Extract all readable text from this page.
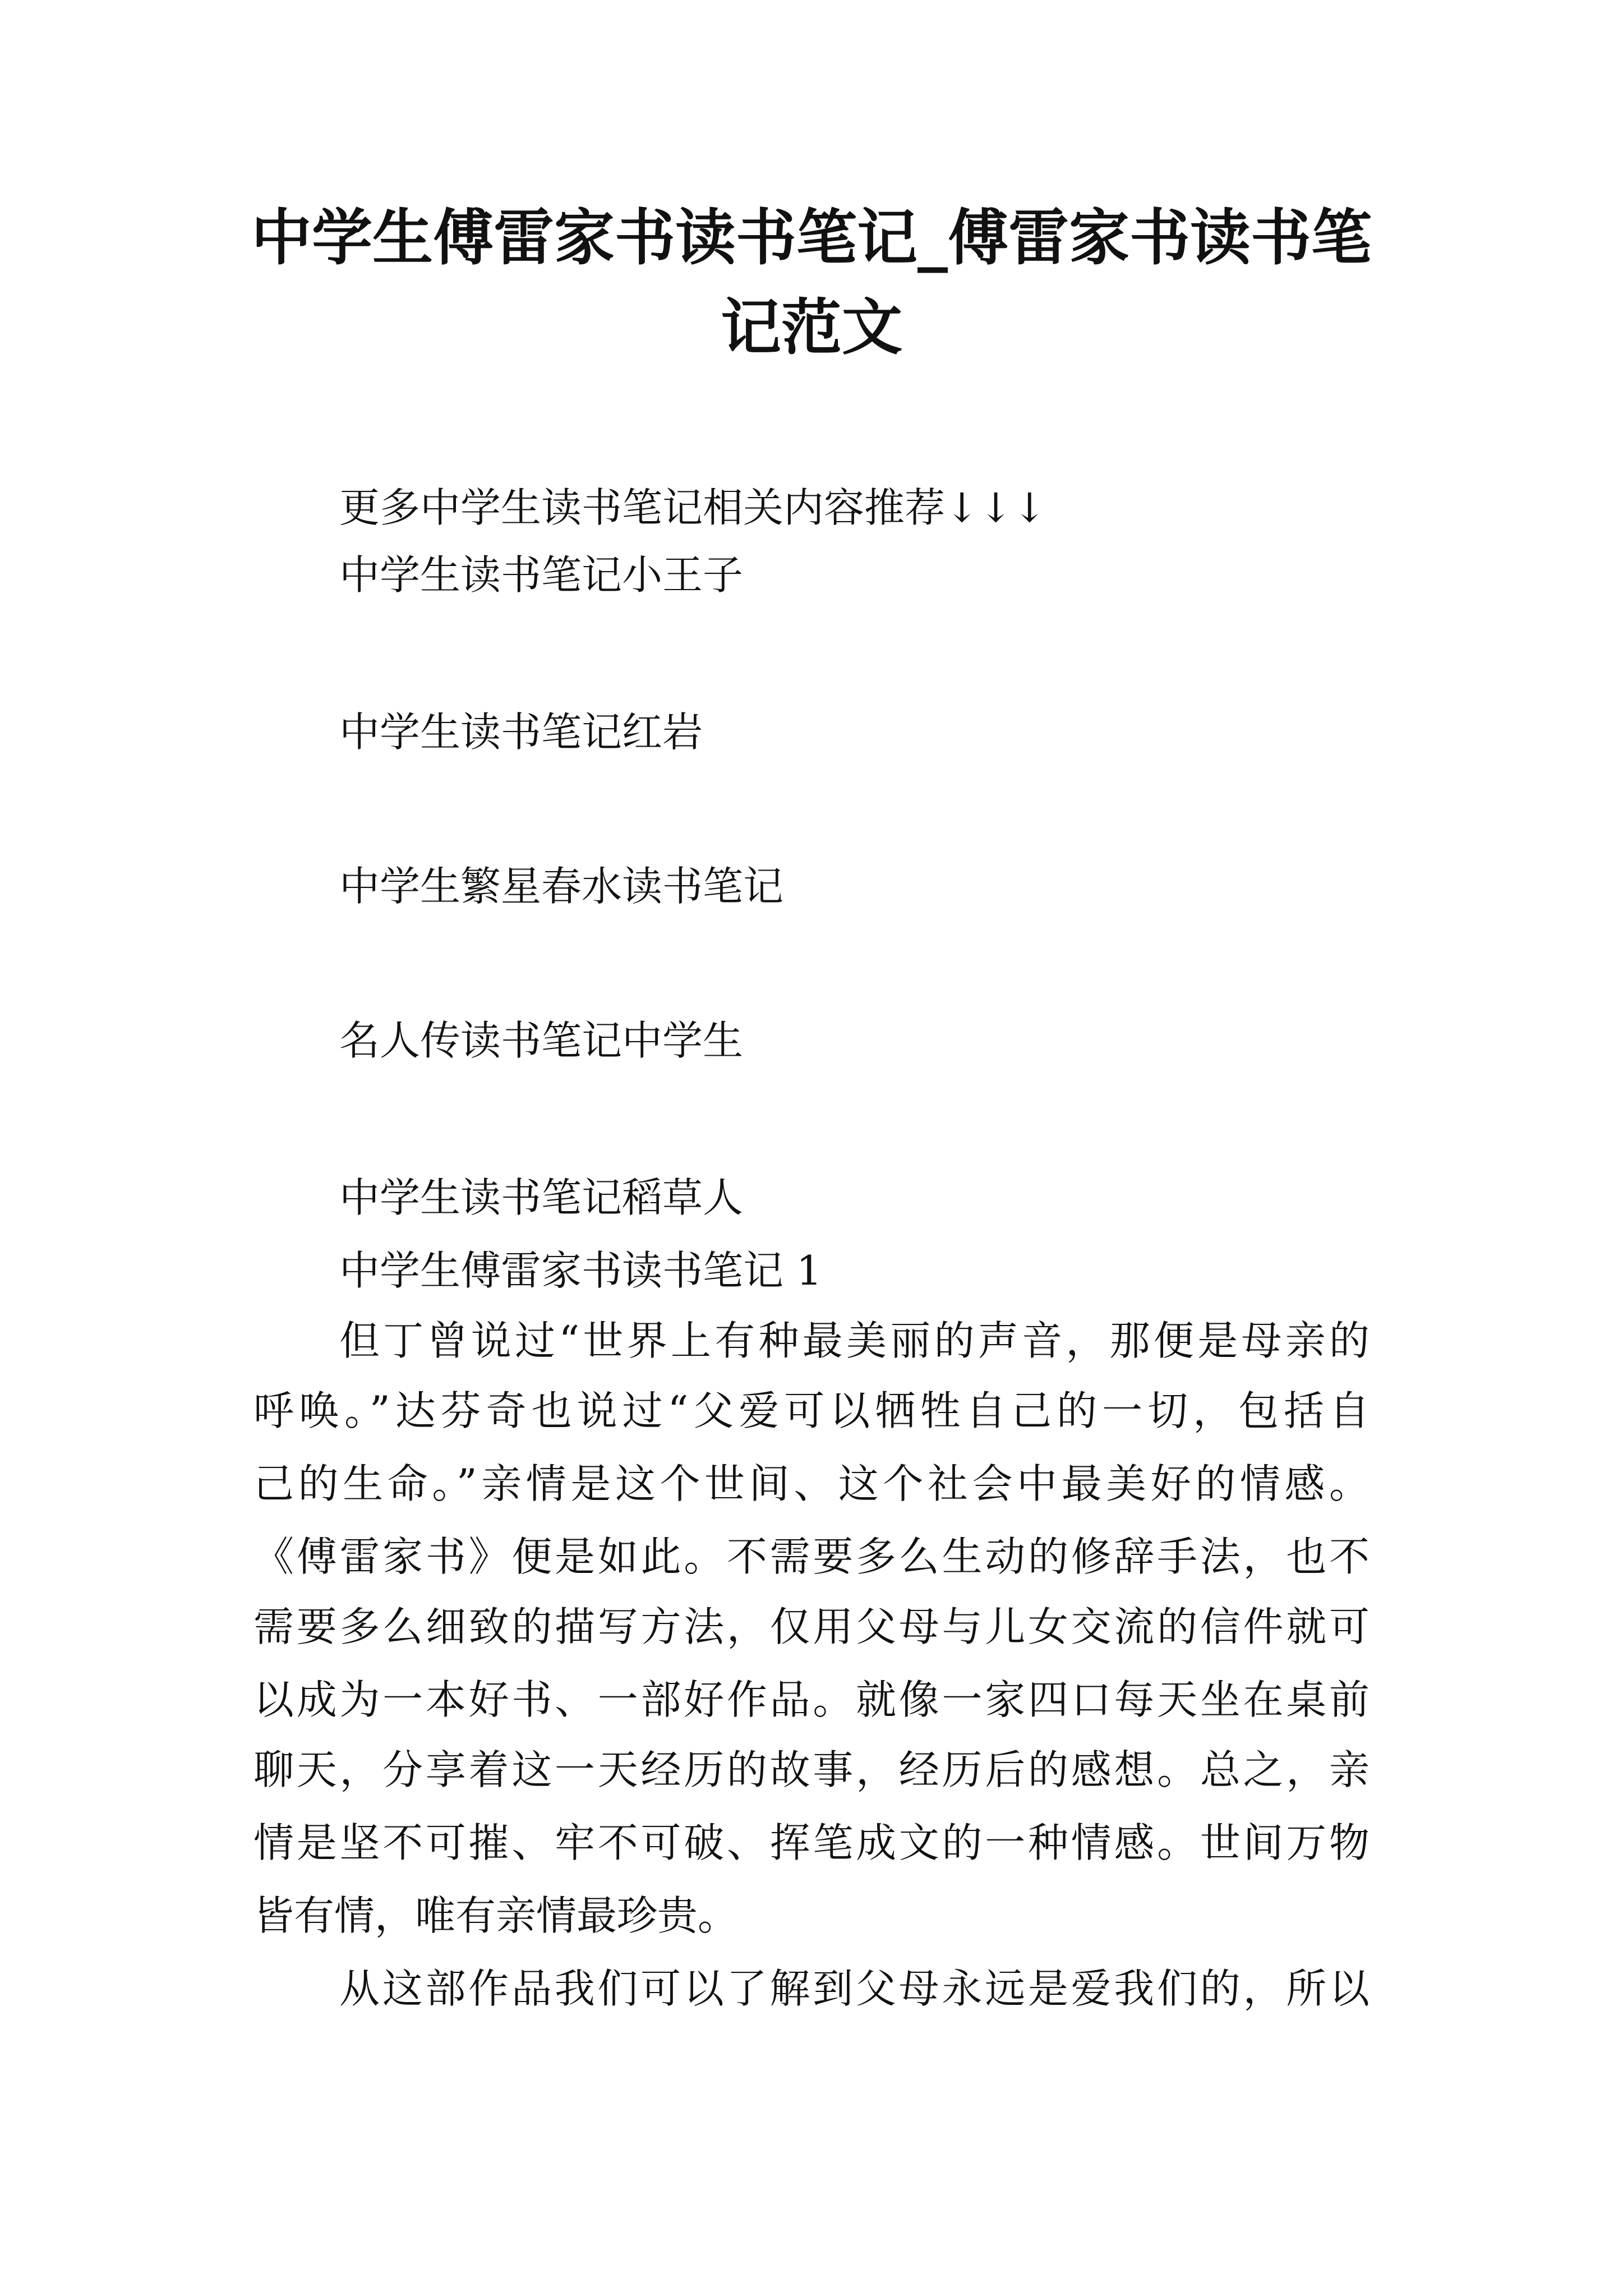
中学生傅雷家书读书笔记_傅雷家书读书笔
记范文
更多中学生读书笔记相关内容推荐↓↓↓
中学生读书笔记小王子
中学生读书笔记红岩
中学生繁星春水读书笔记
名人传读书笔记中学生
中学生读书笔记稻草人
中学生傅雷家书读书笔记 1
但丁曾说过“世界上有种最美丽的声音，那便是母亲的
呼唤。”达芬奇也说过“父爱可以牺牲自己的一切，包括自
己的生命。”亲情是这个世间、这个社会中最美好的情感。
《傅雷家书》便是如此。不需要多么生动的修辞手法，也不
需要多么细致的描写方法，仅用父母与儿女交流的信件就可
以成为一本好书、一部好作品。就像一家四口每天坐在桌前
聊天，分享着这一天经历的故事，经历后的感想。总之，亲
情是坚不可摧、牢不可破、挥笔成文的一种情感。世间万物
皆有情，唯有亲情最珍贵。
从这部作品我们可以了解到父母永远是爱我们的，所以
